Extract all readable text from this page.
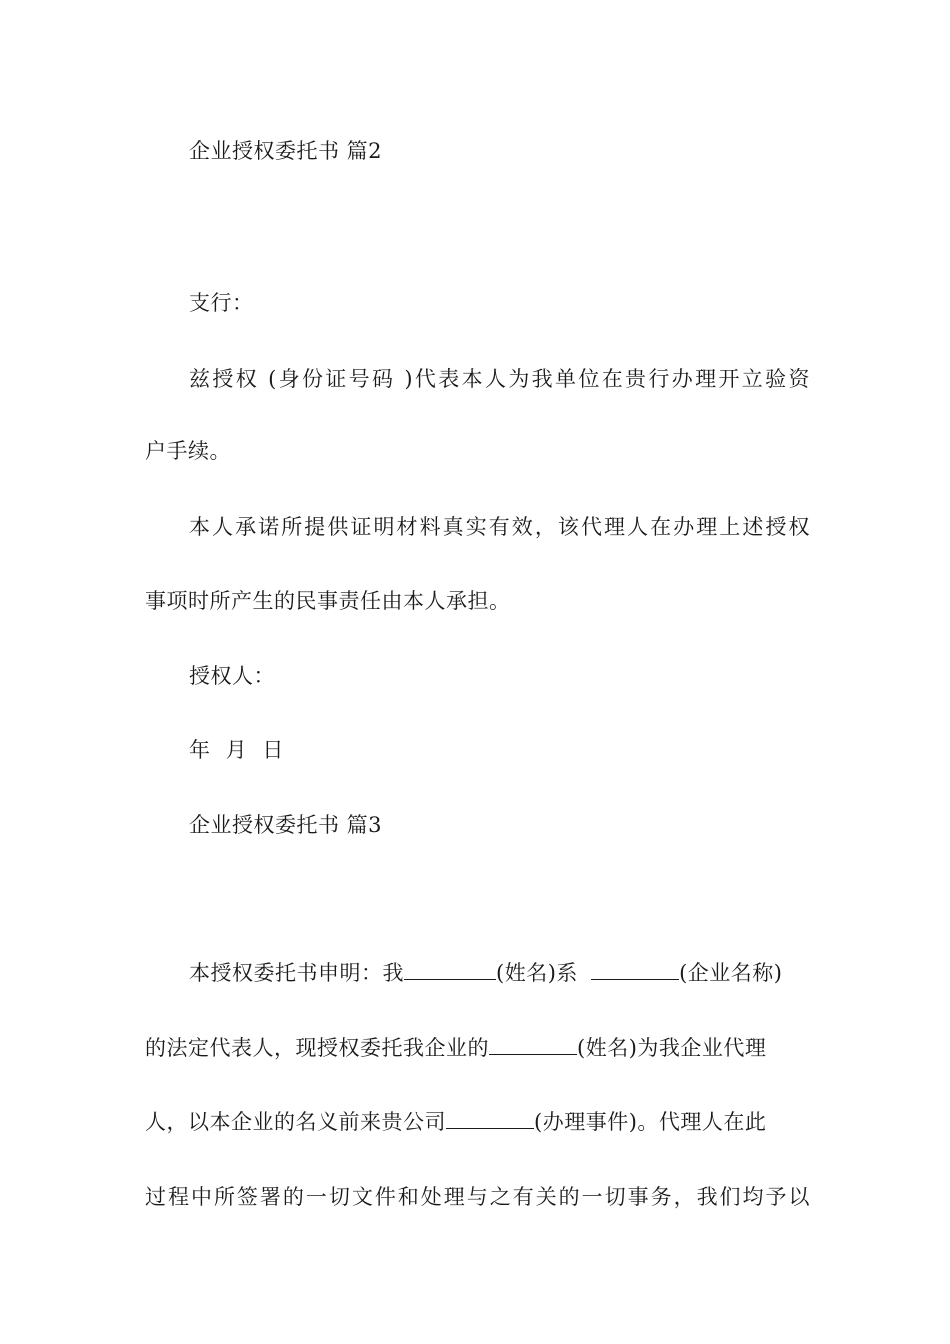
企业授权委托书 篇2
支行：
兹授权 (身份证号码 )代表本人为我单位在贵行办理开立验资
户手续。
本人承诺所提供证明材料真实有效，该代理人在办理上述授权
事项时所产生的民事责任由本人承担。
授权人：
年 月 日
企业授权委托书 篇3
本授权委托书申明：我	(姓名)系	(企业名称)
的法定代表人，现授权委托我企业的	(姓名)为我企业代理
人，以本企业的名义前来贵公司	(办理事件)。代理人在此
过程中所签署的一切文件和处理与之有关的一切事务，我们均予以
